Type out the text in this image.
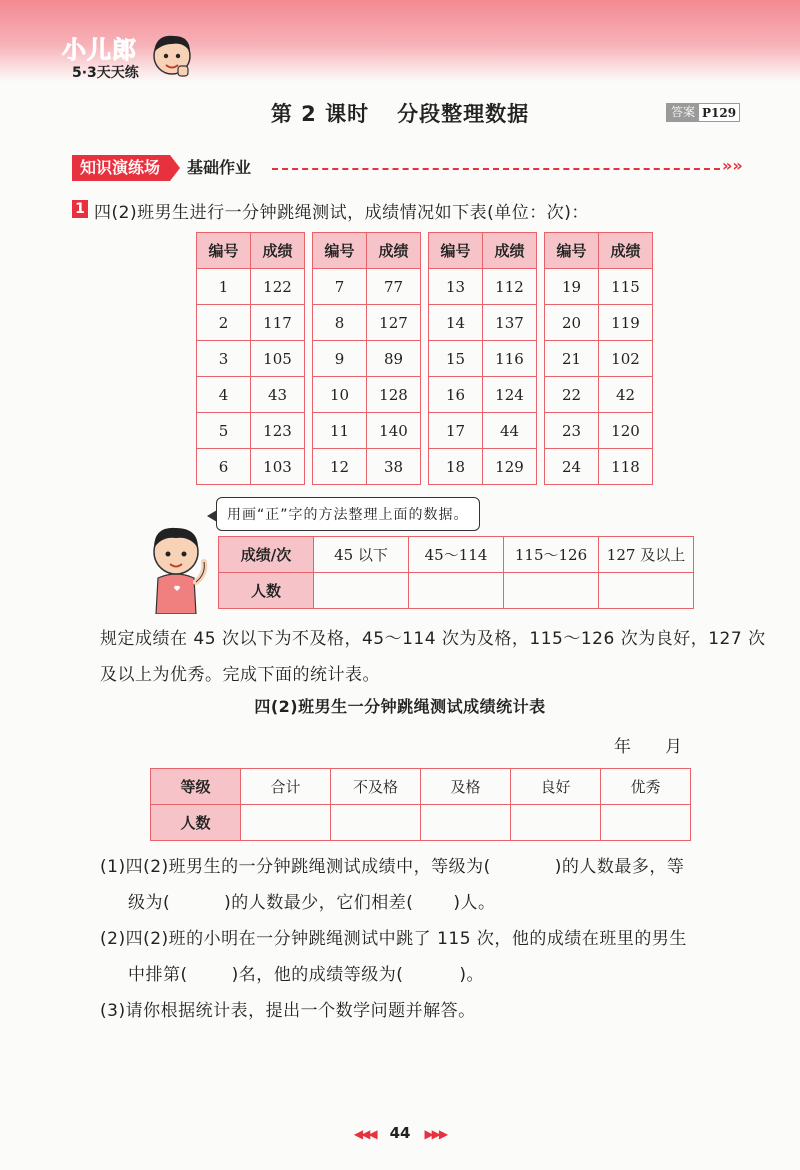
小儿郎
5·3天天练
第 2 课时 分段整理数据	答案 P129
知识演练场	基础作业	»»
1 四(2)班男生进行一分钟跳绳测试，成绩情况如下表(单位：次)：
编号	成绩		编号	成绩		编号	成绩		编号	成绩
1	122		7	77		13	112		19	115
2	117		8	127		14	137		20	119
3	105		9	89		15	116		21	102
4	43		10	128		16	124		22	42
5	123		11	140		17	44		23	120
6	103		12	38		18	129		24	118
用画“正”字的方法整理上面的数据。
成绩/次	45 以下	45～114	115～126	127 及以上
人数				
规定成绩在 45 次以下为不及格，45～114 次为及格，115～126 次为良好，127 次
及以上为优秀。完成下面的统计表。
四(2)班男生一分钟跳绳测试成绩统计表
年 月
等级	合计	不及格	及格	良好	优秀
人数					
(1)四(2)班男生的一分钟跳绳测试成绩中，等级为(	)的人数最多，等
级为(	)的人数最少，它们相差( )人。
(2)四(2)班的小明在一分钟跳绳测试中跳了 115 次，他的成绩在班里的男生
中排第(	)名，他的成绩等级为(	)。
(3)请你根据统计表，提出一个数学问题并解答。
◀◀◀ 44 ▶▶▶
